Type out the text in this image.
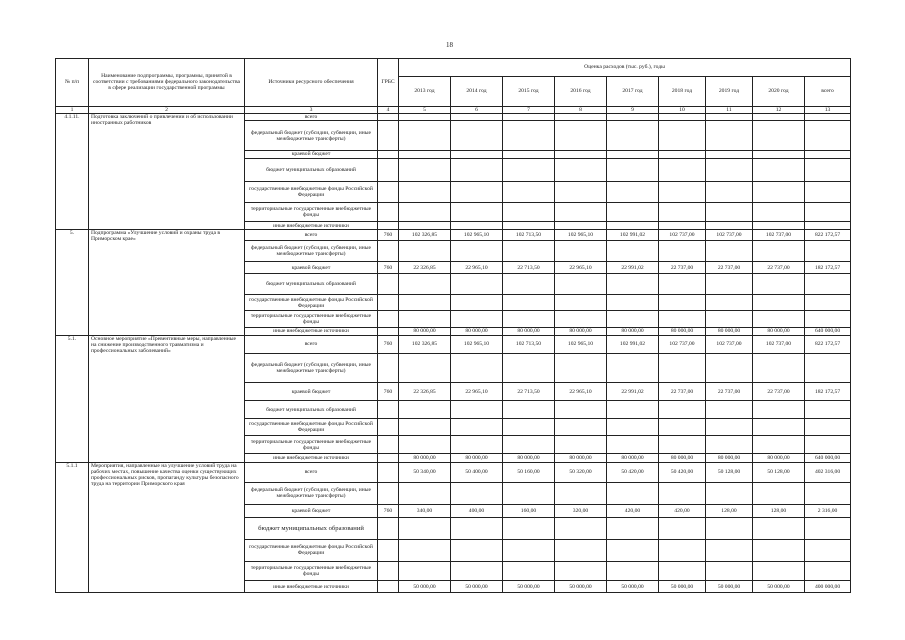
18
№ п/п	Наименование подпрограммы, программы, принятой в соответствии с требованиями федерального законодательства в сфере реализации государственной программы	Источники ресурсного обеспечения	ГРБС	Оценка расходов (тыс. руб.), годы								
				2013 год	2014 год	2015 год	2016 год	2017 год	2018 год	2019 год	2020 год	всего
1	2	3	4	5	6	7	8	9	10	11	12	13
4.1.11.	Подготовка заключений о привлечении и об использовании иностранных работников	всего										
		федеральный бюджет (субсидии, субвенции, иные межбюджетные трансферты)										
		краевой бюджет										
		бюджет муниципальных образований										
		государственные внебюджетные фонды Российской Федерации										
		территориальные государственные внебюджетные фонды										
		иные внебюджетные источники										
5.	Подпрограмма «Улучшение условий и охраны труда в Приморском крае»	всего	760	102 326,85	102 965,10	102 713,50	102 965,10	102 991,02	102 737,00	102 737,00	102 737,00	822 172,57
		федеральный бюджет (субсидии, субвенции, иные межбюджетные трансферты)										
		краевой бюджет	760	22 326,85	22 965,10	22 713,50	22 965,10	22 991,02	22 737,00	22 737,00	22 737,00	182 172,57
		бюджет муниципальных образований										
		государственные внебюджетные фонды Российской Федерации										
		территориальные государственные внебюджетные фонды										
		иные внебюджетные источники		80 000,00	80 000,00	80 000,00	80 000,00	80 000,00	80 000,00	80 000,00	80 000,00	640 000,00
5.1.	Основное мероприятие «Превентивные меры, направленные на снижение производственного травматизма и профессиональных заболеваний»	всего	760	102 326,85	102 965,10	102 713,50	102 965,10	102 991,02	102 737,00	102 737,00	102 737,00	822 172,57
		федеральный бюджет (субсидии, субвенции, иные межбюджетные трансферты)										
		краевой бюджет	760	22 326,85	22 965,10	22 713,50	22 965,10	22 991,02	22 737,00	22 737,00	22 737,00	182 172,57
		бюджет муниципальных образований										
		государственные внебюджетные фонды Российской Федерации										
		территориальные государственные внебюджетные фонды										
		иные внебюджетные источники		80 000,00	80 000,00	80 000,00	80 000,00	80 000,00	80 000,00	80 000,00	80 000,00	640 000,00
5.1.1	Мероприятия, направленные на улучшение условий труда на рабочих местах, повышение качества оценки существующих профессиональных рисков, пропаганду культуры безопасного труда на территории Приморского края	всего		50 340,00	50 400,00	50 160,00	50 320,00	50 420,00	50 420,00	50 128,00	50 128,00	402 316,00
		федеральный бюджет (субсидии, субвенции, иные межбюджетные трансферты)										
		краевой бюджет	760	340,00	400,00	160,00	320,00	420,00	420,00	128,00	128,00	2 316,00
		бюджет муниципальных образований										
		государственные внебюджетные фонды Российской Федерации										
		территориальные государственные внебюджетные фонды										
		иные внебюджетные источники		50 000,00	50 000,00	50 000,00	50 000,00	50 000,00	50 000,00	50 000,00	50 000,00	400 000,00
